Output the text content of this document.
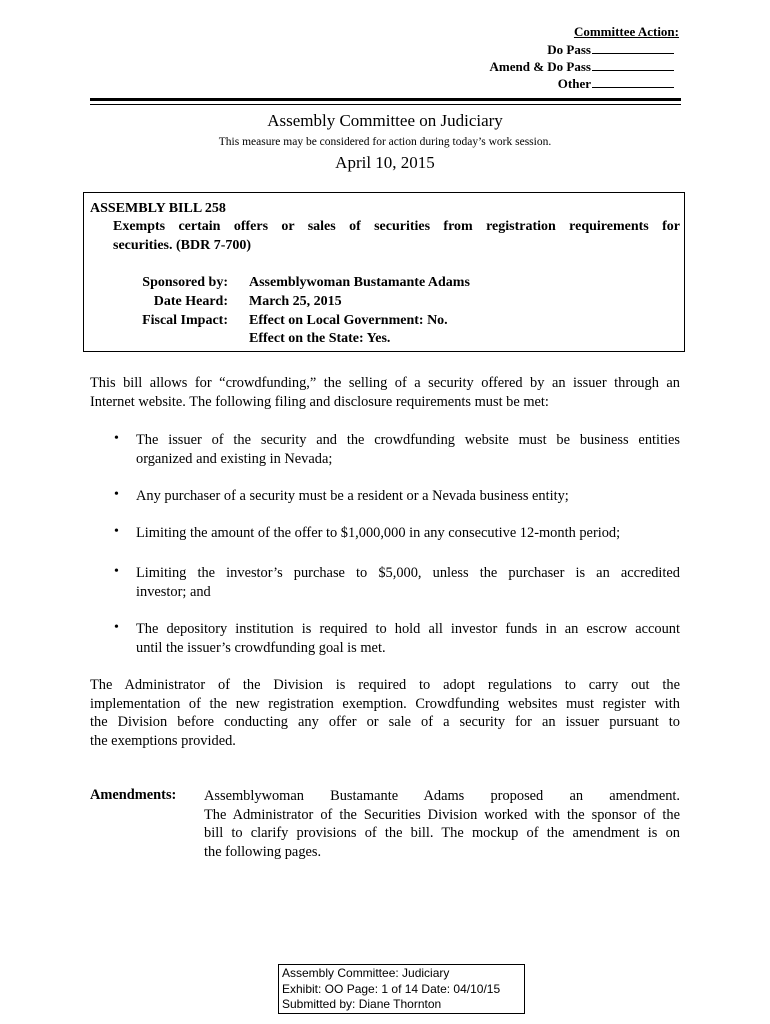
Committee Action:
Do Pass
Amend & Do Pass
Other
Assembly Committee on Judiciary
This measure may be considered for action during today’s work session.
April 10, 2015
ASSEMBLY BILL 258
Exempts certain offers or sales of securities from registration requirements for
securities. (BDR 7-700)
Sponsored by: Assemblywoman Bustamante Adams
Date Heard: March 25, 2015
Fiscal Impact: Effect on Local Government: No.
Effect on the State: Yes.
This bill allows for “crowdfunding,” the selling of a security offered by an issuer through an
Internet website. The following filing and disclosure requirements must be met:
• The issuer of the security and the crowdfunding website must be business entities
organized and existing in Nevada;
• Any purchaser of a security must be a resident or a Nevada business entity;
• Limiting the amount of the offer to $1,000,000 in any consecutive 12-month period;
• Limiting the investor’s purchase to $5,000, unless the purchaser is an accredited
investor; and
• The depository institution is required to hold all investor funds in an escrow account
until the issuer’s crowdfunding goal is met.
The Administrator of the Division is required to adopt regulations to carry out the
implementation of the new registration exemption. Crowdfunding websites must register with
the Division before conducting any offer or sale of a security for an issuer pursuant to
the exemptions provided.
Amendments: Assemblywoman Bustamante Adams proposed an amendment.
The Administrator of the Securities Division worked with the sponsor of the
bill to clarify provisions of the bill. The mockup of the amendment is on
the following pages.
Assembly Committee: Judiciary
Exhibit: OO Page: 1 of 14 Date: 04/10/15
Submitted by: Diane Thornton
